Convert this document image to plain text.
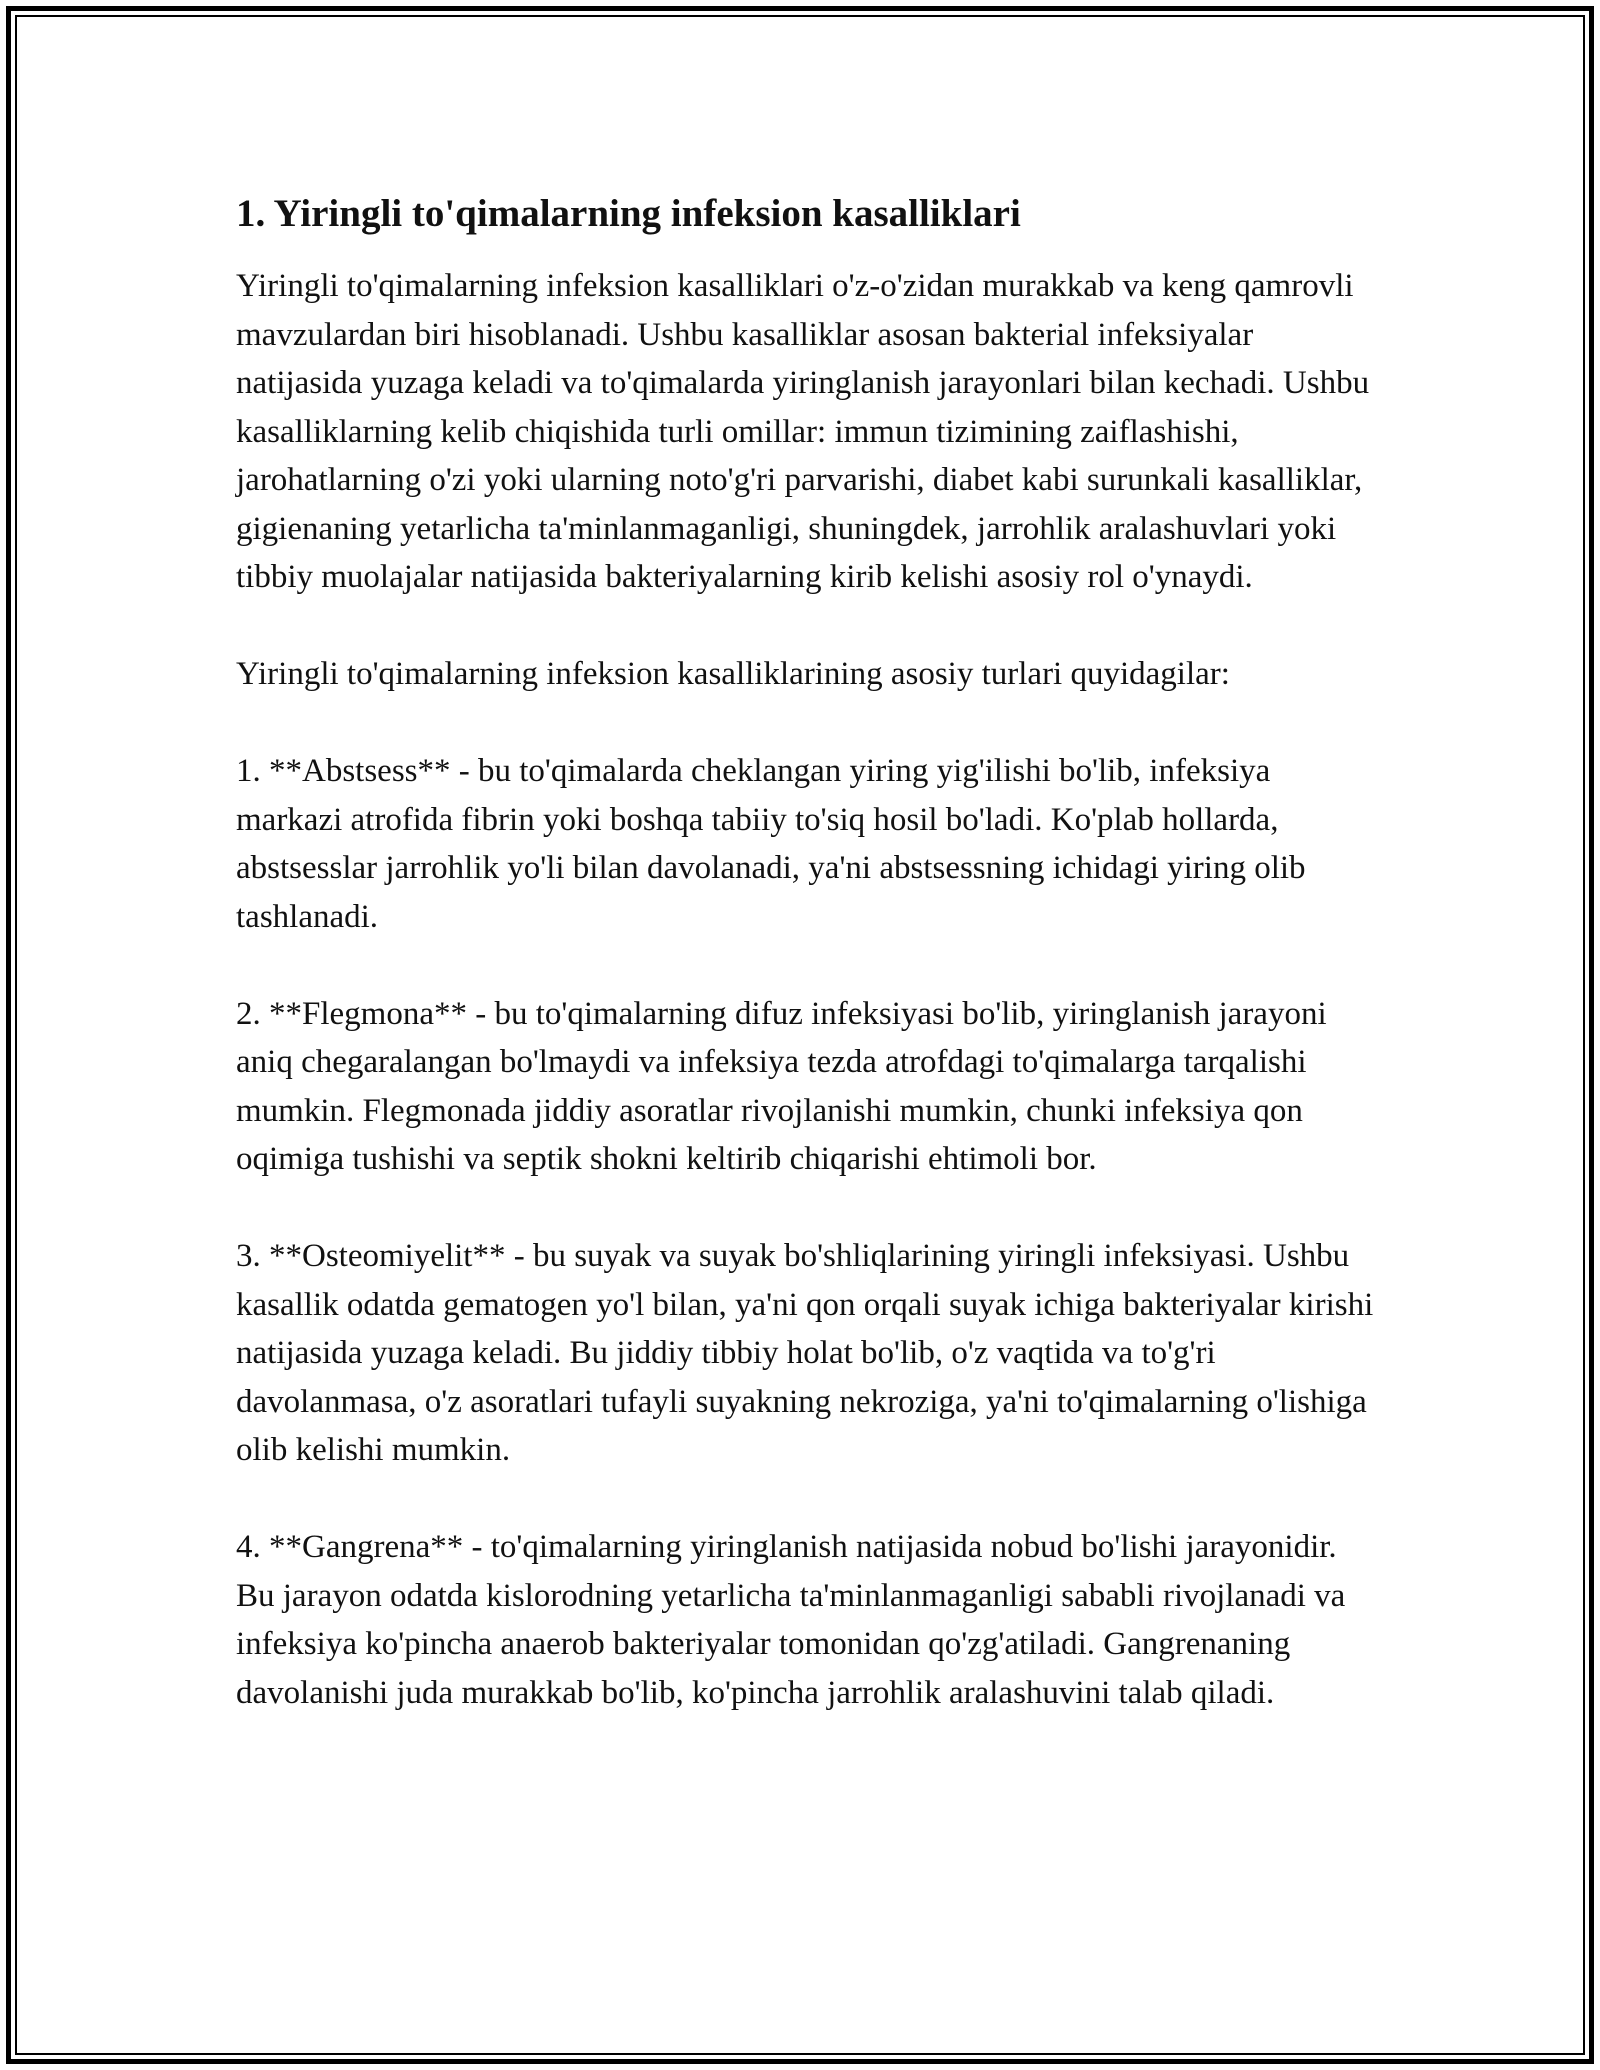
1. Yiringli to'qimalarning infeksion kasalliklari

Yiringli to'qimalarning infeksion kasalliklari o'z-o'zidan murakkab va keng qamrovli mavzulardan biri hisoblanadi. Ushbu kasalliklar asosan bakterial infeksiyalar natijasida yuzaga keladi va to'qimalarda yiringlanish jarayonlari bilan kechadi. Ushbu kasalliklarning kelib chiqishida turli omillar: immun tizimining zaiflashishi, jarohatlarning o'zi yoki ularning noto'g'ri parvarishi, diabet kabi surunkali kasalliklar, gigienaning yetarlicha ta'minlanmaganligi, shuningdek, jarrohlik aralashuvlari yoki tibbiy muolajalar natijasida bakteriyalarning kirib kelishi asosiy rol o'ynaydi.

Yiringli to'qimalarning infeksion kasalliklarining asosiy turlari quyidagilar:

1. **Abstsess** - bu to'qimalarda cheklangan yiring yig'ilishi bo'lib, infeksiya markazi atrofida fibrin yoki boshqa tabiiy to'siq hosil bo'ladi. Ko'plab hollarda, abstsesslar jarrohlik yo'li bilan davolanadi, ya'ni abstsessning ichidagi yiring olib tashlanadi.

2. **Flegmona** - bu to'qimalarning difuz infeksiyasi bo'lib, yiringlanish jarayoni aniq chegaralangan bo'lmaydi va infeksiya tezda atrofdagi to'qimalarga tarqalishi mumkin. Flegmonada jiddiy asoratlar rivojlanishi mumkin, chunki infeksiya qon oqimiga tushishi va septik shokni keltirib chiqarishi ehtimoli bor.

3. **Osteomiyelit** - bu suyak va suyak bo'shliqlarining yiringli infeksiyasi. Ushbu kasallik odatda gematogen yo'l bilan, ya'ni qon orqali suyak ichiga bakteriyalar kirishi natijasida yuzaga keladi. Bu jiddiy tibbiy holat bo'lib, o'z vaqtida va to'g'ri davolanmasa, o'z asoratlari tufayli suyakning nekroziga, ya'ni to'qimalarning o'lishiga olib kelishi mumkin.

4. **Gangrena** - to'qimalarning yiringlanish natijasida nobud bo'lishi jarayonidir. Bu jarayon odatda kislorodning yetarlicha ta'minlanmaganligi sababli rivojlanadi va infeksiya ko'pincha anaerob bakteriyalar tomonidan qo'zg'atiladi. Gangrenaning davolanishi juda murakkab bo'lib, ko'pincha jarrohlik aralashuvini talab qiladi.
